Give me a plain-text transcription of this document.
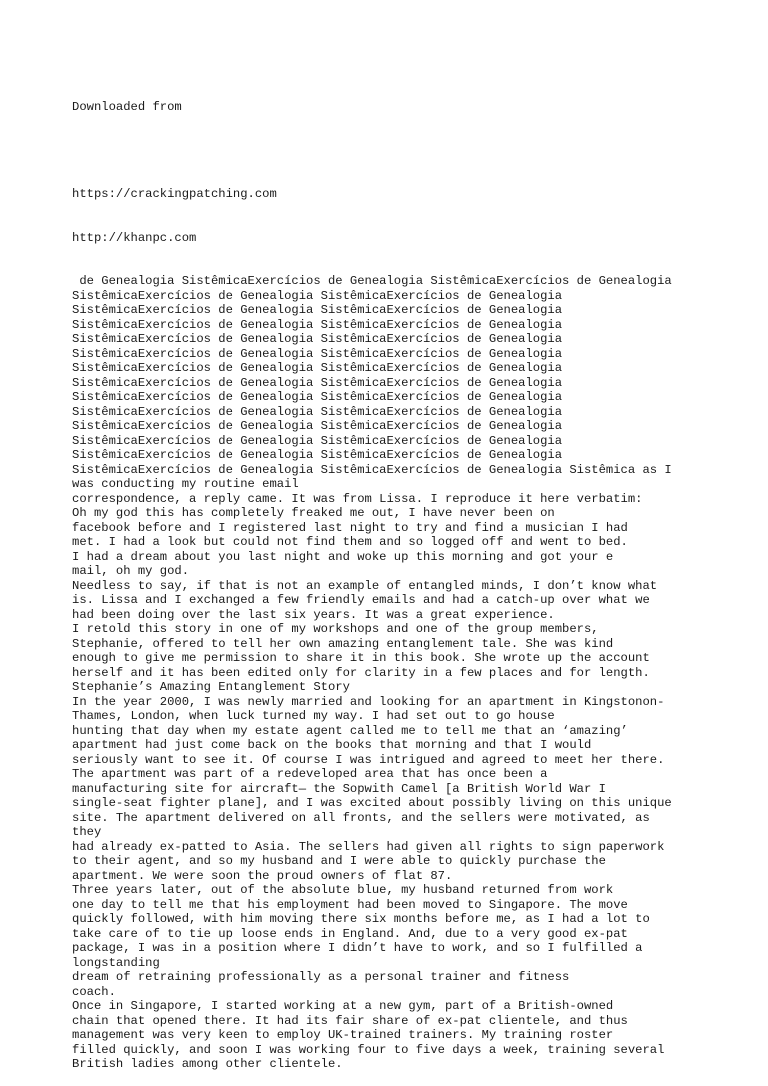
Downloaded from

https://crackingpatching.com

http://khanpc.com

de Genealogia SistêmicaExercícios de Genealogia SistêmicaExercícios de Genealogia
SistêmicaExercícios de Genealogia SistêmicaExercícios de Genealogia
SistêmicaExercícios de Genealogia SistêmicaExercícios de Genealogia
SistêmicaExercícios de Genealogia SistêmicaExercícios de Genealogia
SistêmicaExercícios de Genealogia SistêmicaExercícios de Genealogia
SistêmicaExercícios de Genealogia SistêmicaExercícios de Genealogia
SistêmicaExercícios de Genealogia SistêmicaExercícios de Genealogia
SistêmicaExercícios de Genealogia SistêmicaExercícios de Genealogia
SistêmicaExercícios de Genealogia SistêmicaExercícios de Genealogia
SistêmicaExercícios de Genealogia SistêmicaExercícios de Genealogia
SistêmicaExercícios de Genealogia SistêmicaExercícios de Genealogia
SistêmicaExercícios de Genealogia SistêmicaExercícios de Genealogia
SistêmicaExercícios de Genealogia SistêmicaExercícios de Genealogia
SistêmicaExercícios de Genealogia SistêmicaExercícios de Genealogia Sistêmica as I
was conducting my routine email
correspondence, a reply came. It was from Lissa. I reproduce it here verbatim:
Oh my god this has completely freaked me out, I have never been on
facebook before and I registered last night to try and find a musician I had
met. I had a look but could not find them and so logged off and went to bed.
I had a dream about you last night and woke up this morning and got your e
mail, oh my god.
Needless to say, if that is not an example of entangled minds, I don’t know what
is. Lissa and I exchanged a few friendly emails and had a catch-up over what we
had been doing over the last six years. It was a great experience.
I retold this story in one of my workshops and one of the group members,
Stephanie, offered to tell her own amazing entanglement tale. She was kind
enough to give me permission to share it in this book. She wrote up the account
herself and it has been edited only for clarity in a few places and for length.
Stephanie’s Amazing Entanglement Story
In the year 2000, I was newly married and looking for an apartment in Kingstonon-
Thames, London, when luck turned my way. I had set out to go house
hunting that day when my estate agent called me to tell me that an ‘amazing’
apartment had just come back on the books that morning and that I would
seriously want to see it. Of course I was intrigued and agreed to meet her there.
The apartment was part of a redeveloped area that has once been a
manufacturing site for aircraft— the Sopwith Camel [a British World War I
single-seat fighter plane], and I was excited about possibly living on this unique
site. The apartment delivered on all fronts, and the sellers were motivated, as
they
had already ex-patted to Asia. The sellers had given all rights to sign paperwork
to their agent, and so my husband and I were able to quickly purchase the
apartment. We were soon the proud owners of flat 87.
Three years later, out of the absolute blue, my husband returned from work
one day to tell me that his employment had been moved to Singapore. The move
quickly followed, with him moving there six months before me, as I had a lot to
take care of to tie up loose ends in England. And, due to a very good ex-pat
package, I was in a position where I didn’t have to work, and so I fulfilled a
longstanding
dream of retraining professionally as a personal trainer and fitness
coach.
Once in Singapore, I started working at a new gym, part of a British-owned
chain that opened there. It had its fair share of ex-pat clientele, and thus
management was very keen to employ UK-trained trainers. My training roster
filled quickly, and soon I was working four to five days a week, training several
British ladies among other clientele.
